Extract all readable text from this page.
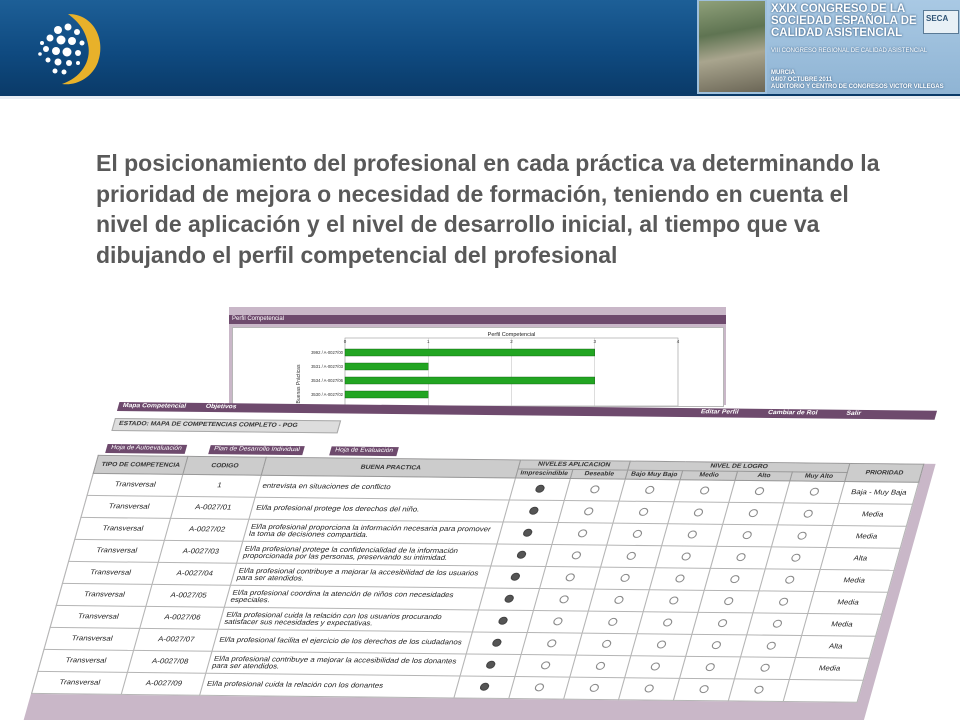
XXIX CONGRESO DE LA SOCIEDAD ESPAÑOLA DE CALIDAD ASISTENCIAL
SECA
VIII CONGRESO REGIONAL DE CALIDAD ASISTENCIAL
MURCIA
04/07 OCTUBRE 2011
AUDITORIO Y CENTRO DE CONGRESOS VICTOR VILLEGAS
El posicionamiento del profesional en cada práctica va determinando la prioridad de mejora o necesidad de formación, teniendo en cuenta el nivel de aplicación y el nivel de desarrollo inicial, al tiempo que va dibujando el perfil competencial del profesional
Perfil Competencial
Perfil Competencial
0	1	2	3	4
Buenas Prácticas
3992 / A-0027/00
3531 / A-0027/03
3534 / A-0027/06
3530 / A-0027/02
Mapa Competencial	Objetivos
Editar Perfil	Cambiar de Rol	Salir
ESTADO: MAPA DE COMPETENCIAS COMPLETO - POG
Hoja de Autoevaluación	Plan de Desarrollo Individual	Hoja de Evaluación
TIPO DE COMPETENCIA	CODIGO	BUENA PRACTICA	NIVELES APLICACION		NIVEL DE LOGRO				PRIORIDAD
			Imprescindible	Deseable	Bajo Muy Bajo	Medio	Alto	Muy Alto	
Transversal	1	entrevista en situaciones de conflicto							Baja - Muy Baja
Transversal	A-0027/01	El/la profesional protege los derechos del niño.							Media
Transversal	A-0027/02	El/la profesional proporciona la información necesaria para promover la toma de decisiones compartida.							Media
Transversal	A-0027/03	El/la profesional protege la confidencialidad de la información proporcionada por las personas, preservando su intimidad.							Alta
Transversal	A-0027/04	El/la profesional contribuye a mejorar la accesibilidad de los usuarios para ser atendidos.							Media
Transversal	A-0027/05	El/la profesional coordina la atención de niños con necesidades especiales.							Media
Transversal	A-0027/06	El/la profesional cuida la relación con los usuarios procurando satisfacer sus necesidades y expectativas.							Media
Transversal	A-0027/07	El/la profesional facilita el ejercicio de los derechos de los ciudadanos							Alta
Transversal	A-0027/08	El/la profesional contribuye a mejorar la accesibilidad de los donantes para ser atendidos.							Media
Transversal	A-0027/09	El/la profesional cuida la relación con los donantes							
